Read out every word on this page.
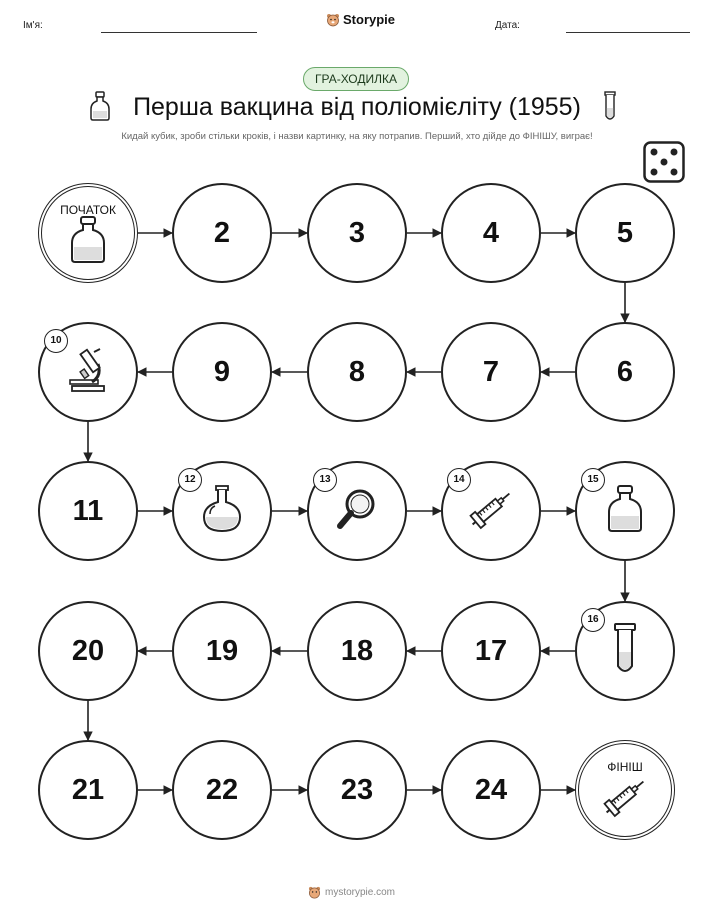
Ім'я:	Storypie	Дата:
ГРА-ХОДИЛКА
Перша вакцина від поліомієліту (1955)
Кидай кубик, зроби стільки кроків, і назви картинку, на яку потрапив. Перший, хто дійде до ФІНІШУ, виграє!
ПОЧАТОК
2	3	4	5
6
7
8
9
10
11
12	13	14	15
16
17
18
19
20
21	22	23	24
ФІНІШ
mystorypie.com
